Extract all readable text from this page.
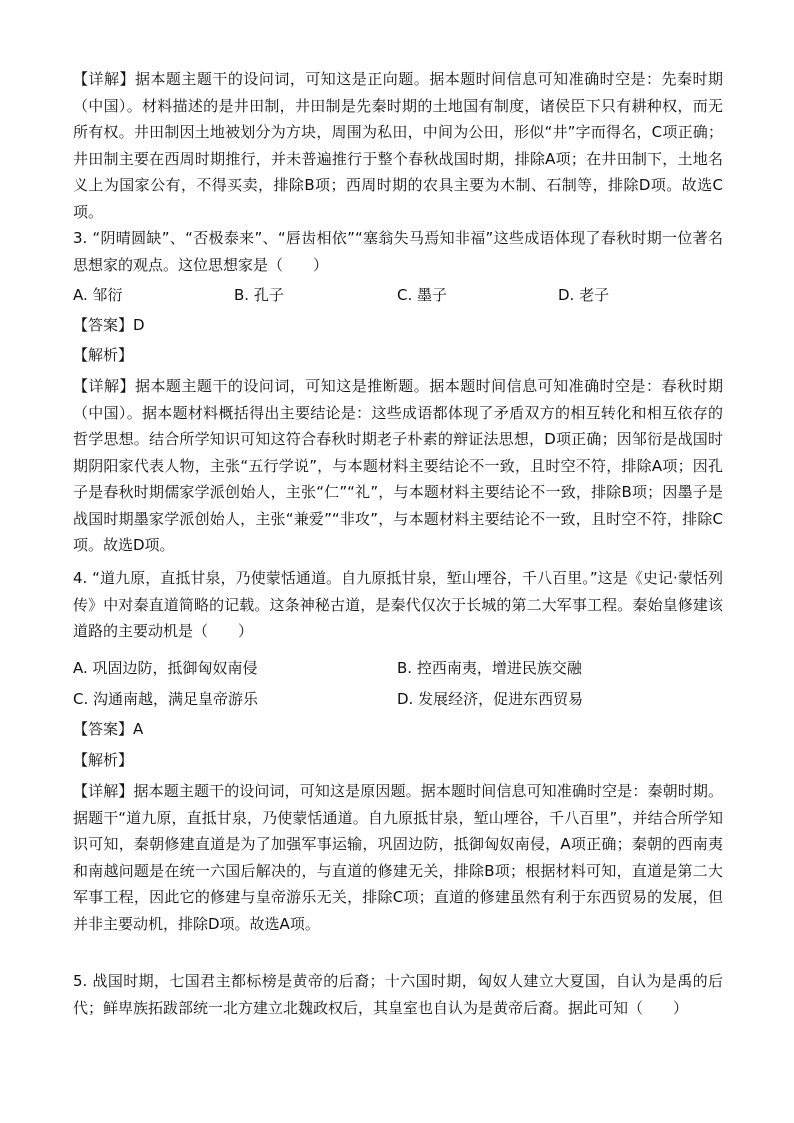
【详解】据本题主题干的设问词，可知这是正向题。据本题时间信息可知准确时空是：先秦时期（中国）。材料描述的是井田制，井田制是先秦时期的土地国有制度，诸侯臣下只有耕种权，而无所有权。井田制因土地被划分为方块，周围为私田，中间为公田，形似“井”字而得名，C项正确；井田制主要在西周时期推行，并未普遍推行于整个春秋战国时期，排除A项；在井田制下，土地名义上为国家公有，不得买卖，排除B项；西周时期的农具主要为木制、石制等，排除D项。故选C项。
3. “阴晴圆缺”、“否极泰来”、“唇齿相依”“塞翁失马焉知非福”这些成语体现了春秋时期一位著名思想家的观点。这位思想家是（　　）
A. 邹衍	B. 孔子	C. 墨子	D. 老子
【答案】D
【解析】
【详解】据本题主题干的设问词，可知这是推断题。据本题时间信息可知准确时空是：春秋时期（中国）。据本题材料概括得出主要结论是：这些成语都体现了矛盾双方的相互转化和相互依存的哲学思想。结合所学知识可知这符合春秋时期老子朴素的辩证法思想，D项正确；因邹衍是战国时期阴阳家代表人物，主张“五行学说”，与本题材料主要结论不一致，且时空不符，排除A项；因孔子是春秋时期儒家学派创始人，主张“仁”“礼”，与本题材料主要结论不一致，排除B项；因墨子是战国时期墨家学派创始人，主张“兼爱”“非攻”，与本题材料主要结论不一致，且时空不符，排除C项。故选D项。
4. “道九原，直抵甘泉，乃使蒙恬通道。自九原抵甘泉，堑山堙谷，千八百里。”这是《史记·蒙恬列传》中对秦直道简略的记载。这条神秘古道，是秦代仅次于长城的第二大军事工程。秦始皇修建该道路的主要动机是（　　）
A. 巩固边防，抵御匈奴南侵	B. 控西南夷，增进民族交融
C. 沟通南越，满足皇帝游乐	D. 发展经济，促进东西贸易
【答案】A
【解析】
【详解】据本题主题干的设问词，可知这是原因题。据本题时间信息可知准确时空是：秦朝时期。据题干“道九原，直抵甘泉，乃使蒙恬通道。自九原抵甘泉，堑山堙谷，千八百里”，并结合所学知识可知，秦朝修建直道是为了加强军事运输，巩固边防，抵御匈奴南侵，A项正确；秦朝的西南夷和南越问题是在统一六国后解决的，与直道的修建无关，排除B项；根据材料可知，直道是第二大军事工程，因此它的修建与皇帝游乐无关，排除C项；直道的修建虽然有利于东西贸易的发展，但并非主要动机，排除D项。故选A项。
5. 战国时期，七国君主都标榜是黄帝的后裔；十六国时期，匈奴人建立大夏国，自认为是禹的后代；鲜卑族拓跋部统一北方建立北魏政权后，其皇室也自认为是黄帝后裔。据此可知（　　）
